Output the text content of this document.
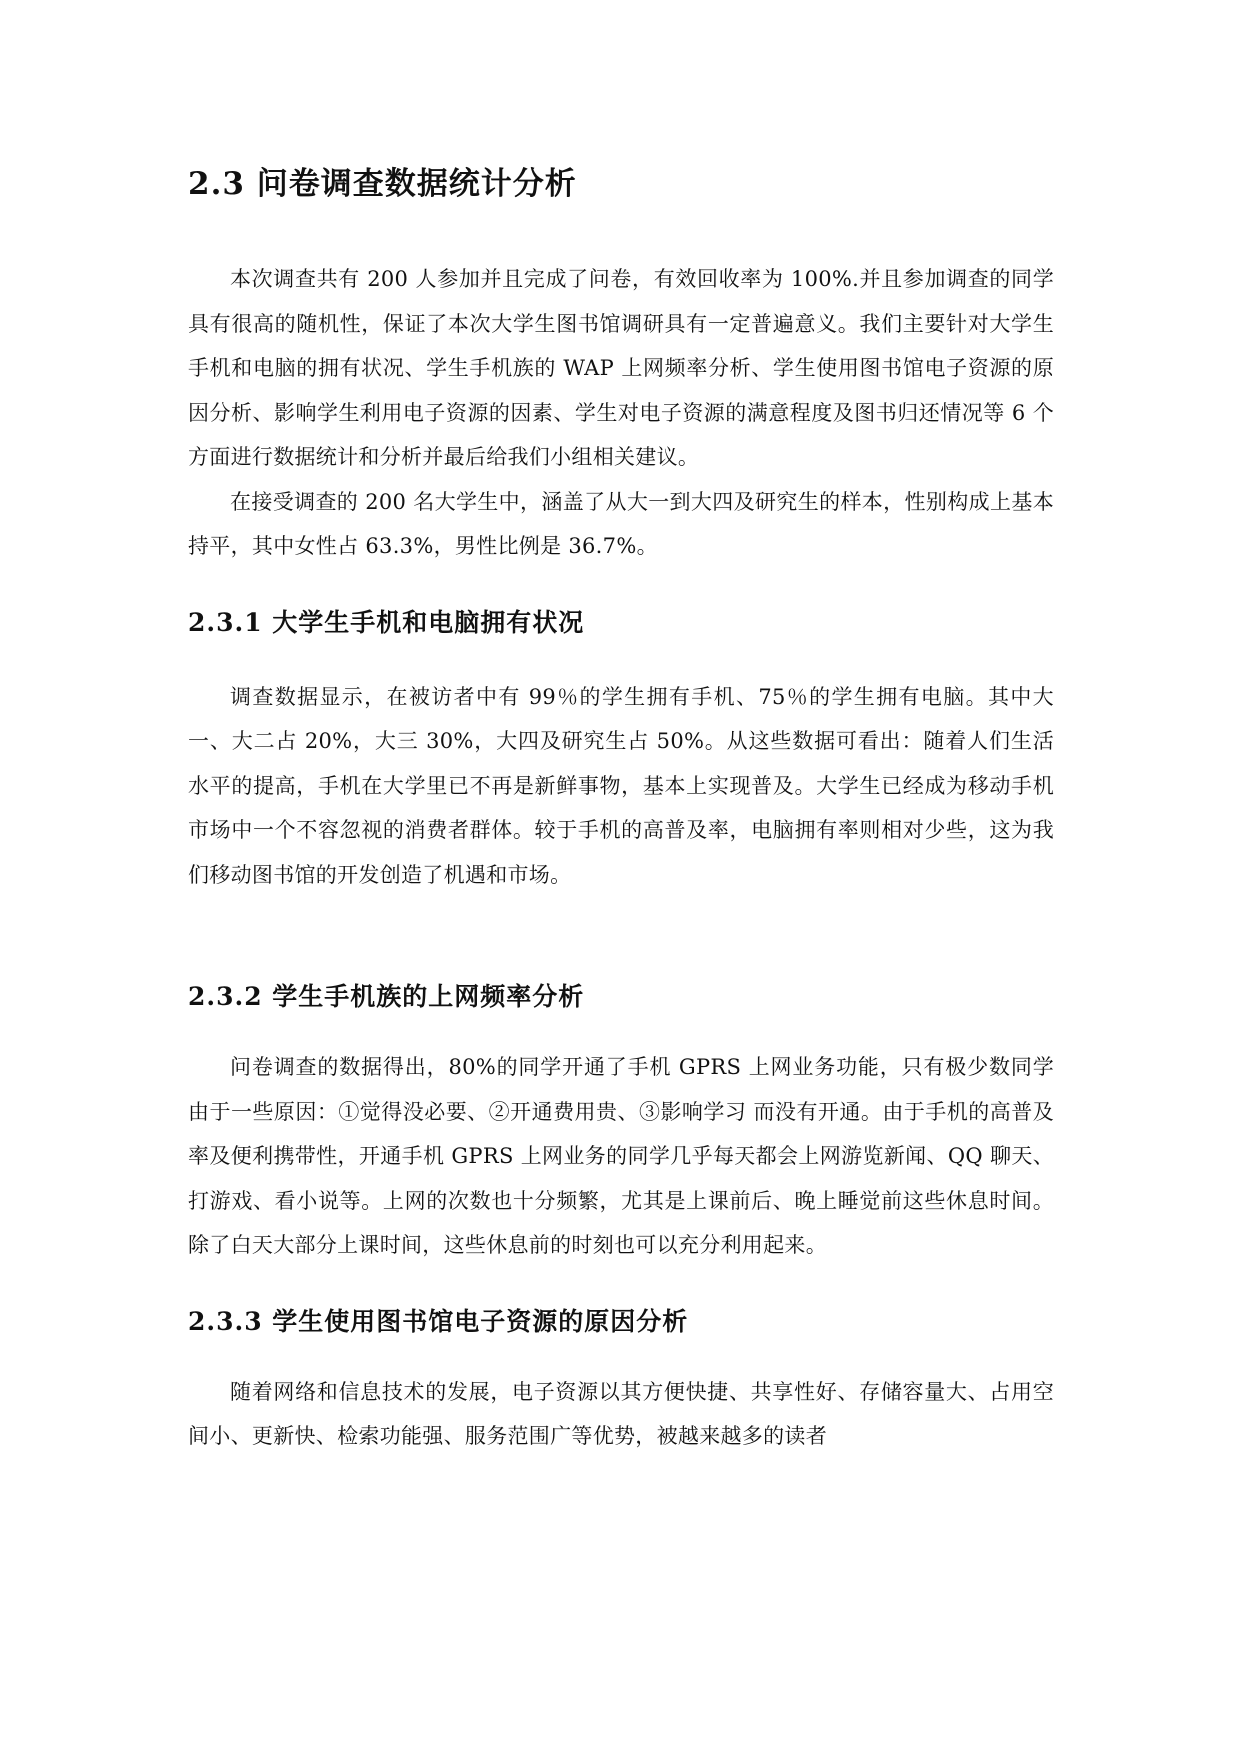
2.3 问卷调查数据统计分析

本次调查共有 200 人参加并且完成了问卷，有效回收率为 100%.并且参加调查的同学具有很高的随机性，保证了本次大学生图书馆调研具有一定普遍意义。我们主要针对大学生手机和电脑的拥有状况、学生手机族的 WAP 上网频率分析、学生使用图书馆电子资源的原因分析、影响学生利用电子资源的因素、学生对电子资源的满意程度及图书归还情况等 6 个方面进行数据统计和分析并最后给我们小组相关建议。

在接受调查的 200 名大学生中，涵盖了从大一到大四及研究生的样本，性别构成上基本持平，其中女性占 63.3%，男性比例是 36.7%。

2.3.1 大学生手机和电脑拥有状况

调查数据显示，在被访者中有 99％的学生拥有手机、75％的学生拥有电脑。其中大一、大二占 20%，大三 30%，大四及研究生占 50%。从这些数据可看出：随着人们生活水平的提高，手机在大学里已不再是新鲜事物，基本上实现普及。大学生已经成为移动手机市场中一个不容忽视的消费者群体。较于手机的高普及率，电脑拥有率则相对少些，这为我们移动图书馆的开发创造了机遇和市场。

2.3.2 学生手机族的上网频率分析

问卷调查的数据得出，80%的同学开通了手机 GPRS 上网业务功能，只有极少数同学由于一些原因：①觉得没必要、②开通费用贵、③影响学习 而没有开通。由于手机的高普及率及便利携带性，开通手机 GPRS 上网业务的同学几乎每天都会上网游览新闻、QQ 聊天、打游戏、看小说等。上网的次数也十分频繁，尤其是上课前后、晚上睡觉前这些休息时间。除了白天大部分上课时间，这些休息前的时刻也可以充分利用起来。

2.3.3 学生使用图书馆电子资源的原因分析

随着网络和信息技术的发展，电子资源以其方便快捷、共享性好、存储容量大、占用空间小、更新快、检索功能强、服务范围广等优势，被越来越多的读者
